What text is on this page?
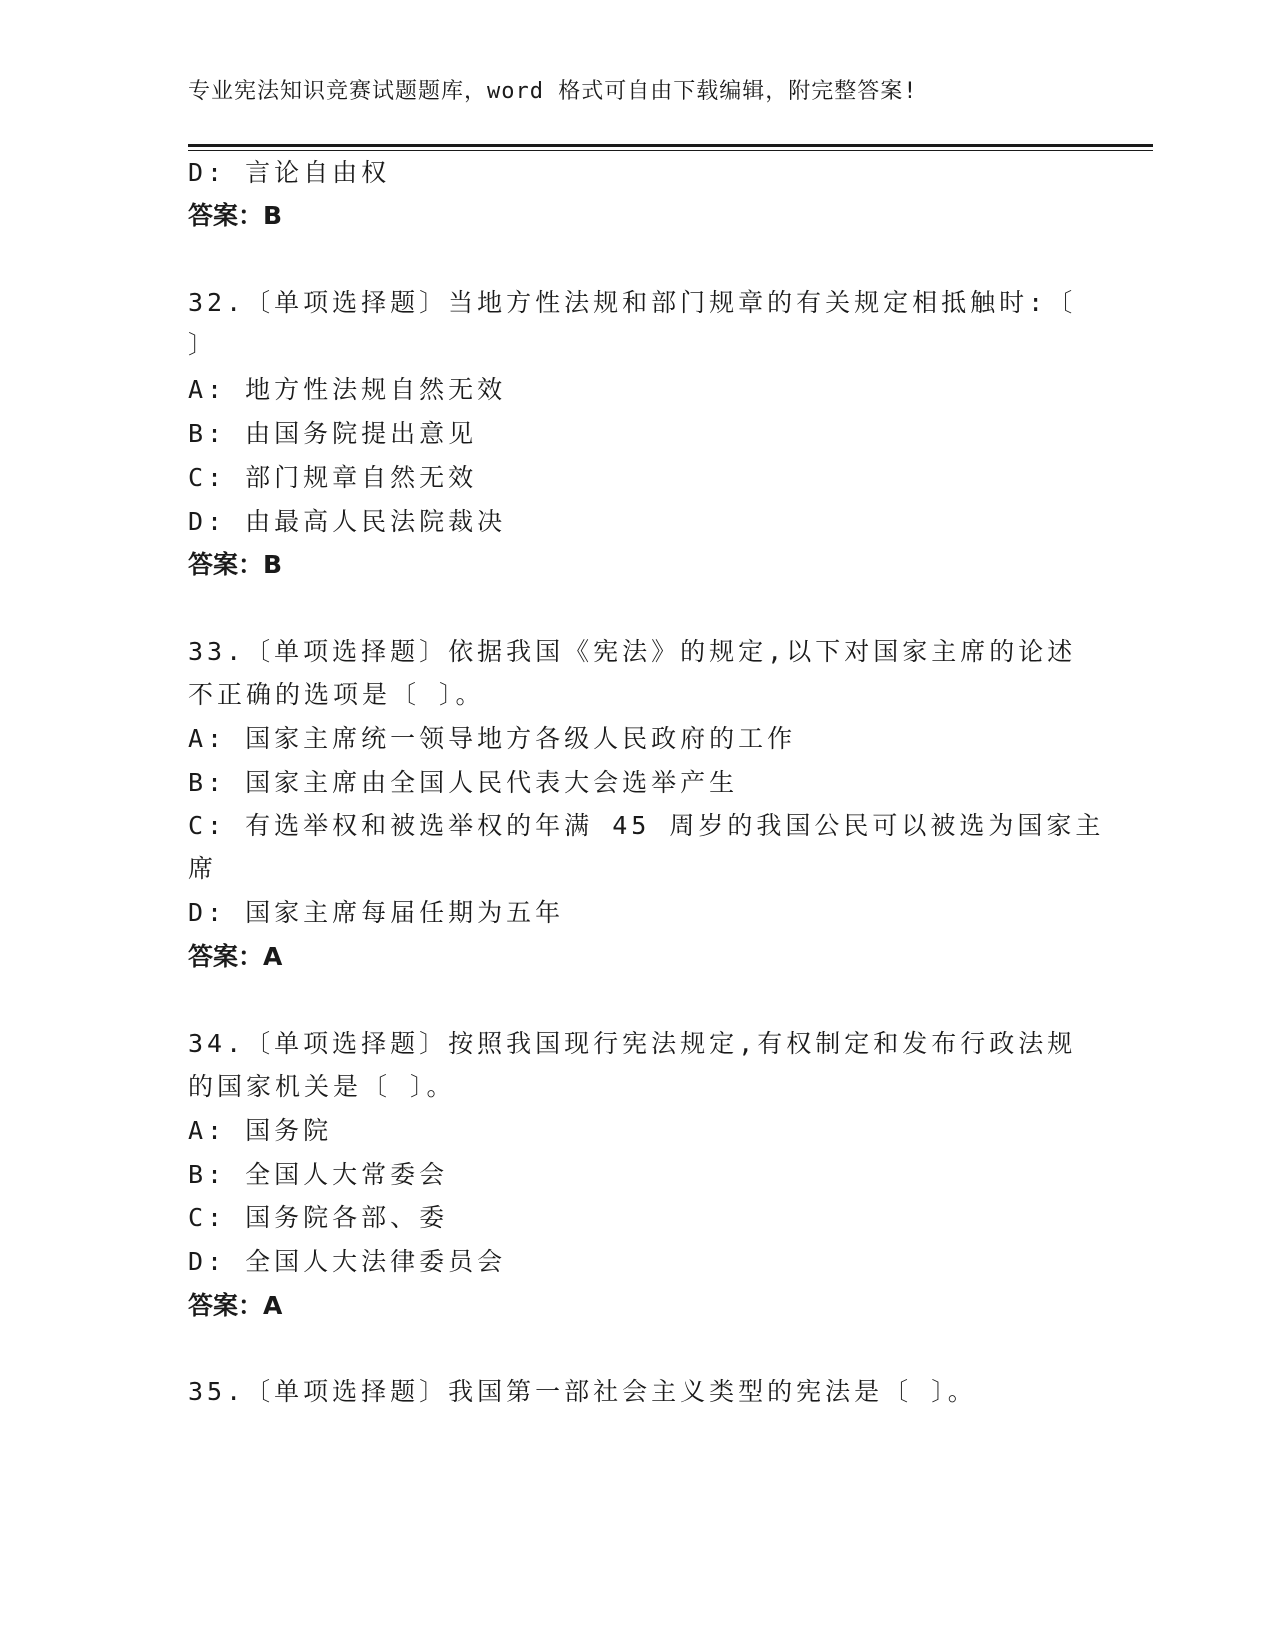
专业宪法知识竞赛试题题库，word 格式可自由下载编辑，附完整答案!
D: 言论自由权
答案：B
32.〔单项选择题〕当地方性法规和部门规章的有关规定相抵触时:〔
〕
A: 地方性法规自然无效
B: 由国务院提出意见
C: 部门规章自然无效
D: 由最高人民法院裁决
答案：B
33.〔单项选择题〕依据我国《宪法》的规定,以下对国家主席的论述
不正确的选项是〔 〕。
A: 国家主席统一领导地方各级人民政府的工作
B: 国家主席由全国人民代表大会选举产生
C: 有选举权和被选举权的年满 45 周岁的我国公民可以被选为国家主
席
D: 国家主席每届任期为五年
答案：A
34.〔单项选择题〕按照我国现行宪法规定,有权制定和发布行政法规
的国家机关是〔 〕。
A: 国务院
B: 全国人大常委会
C: 国务院各部、委
D: 全国人大法律委员会
答案：A
35.〔单项选择题〕我国第一部社会主义类型的宪法是〔 〕。
